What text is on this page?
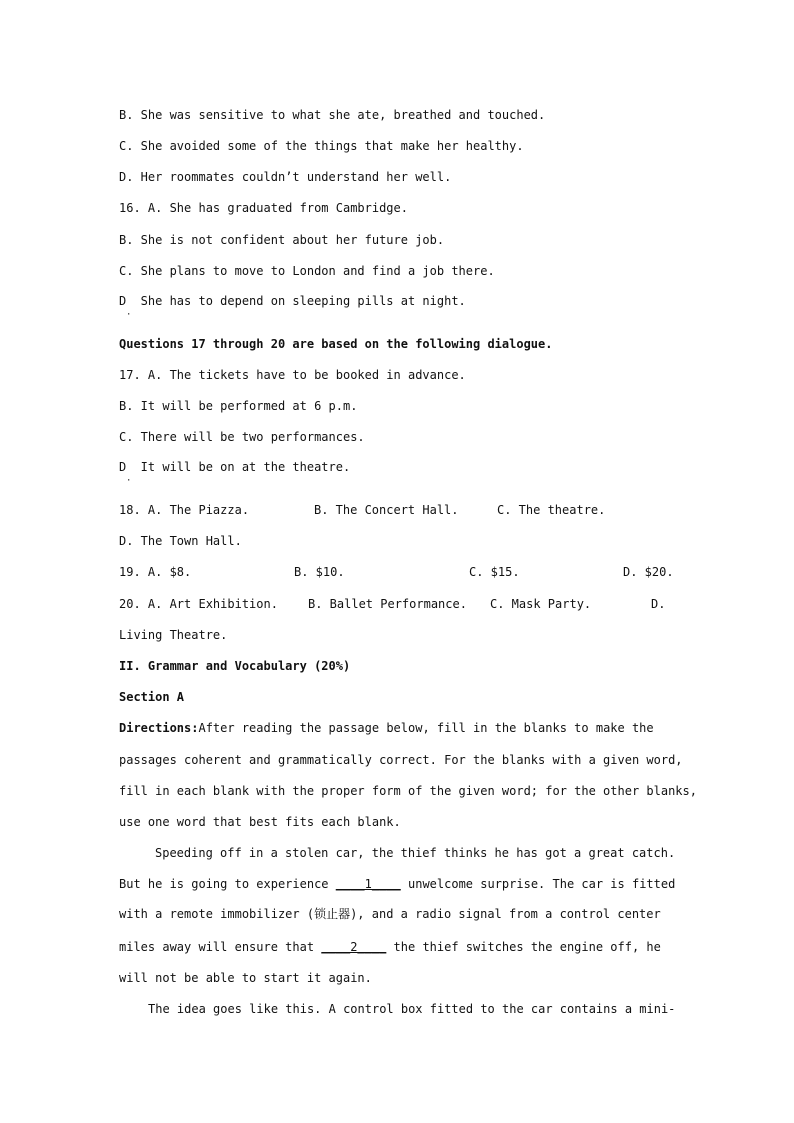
B. She was sensitive to what she ate, breathed and touched.
C. She avoided some of the things that make her healthy.
D. Her roommates couldn’t understand her well.
16. A. She has graduated from Cambridge.
B. She is not confident about her future job.
C. She plans to move to London and find a job there.
D  She has to depend on sleeping pills at night.
·
Questions 17 through 20 are based on the following dialogue.
17. A. The tickets have to be booked in advance.
B. It will be performed at 6 p.m.
C. There will be two performances.
D  It will be on at the theatre.
·
18. A. The Piazza.	B. The Concert Hall.	C. The theatre.
D. The Town Hall.
19. A. $8.	B. $10.	C. $15.	D. $20.
20. A. Art Exhibition.	B. Ballet Performance. C. Mask Party.	D.
Living Theatre.
II. Grammar and Vocabulary (20%)
Section A
Directions:After reading the passage below, fill in the blanks to make the
passages coherent and grammatically correct. For the blanks with a given word,
fill in each blank with the proper form of the given word; for the other blanks,
use one word that best fits each blank.
Speeding off in a stolen car, the thief thinks he has got a great catch.
But he is going to experience ____1____ unwelcome surprise. The car is fitted
with a remote immobilizer (锁止器), and a radio signal from a control center
miles away will ensure that ____2____ the thief switches the engine off, he
will not be able to start it again.
The idea goes like this. A control box fitted to the car contains a mini-
